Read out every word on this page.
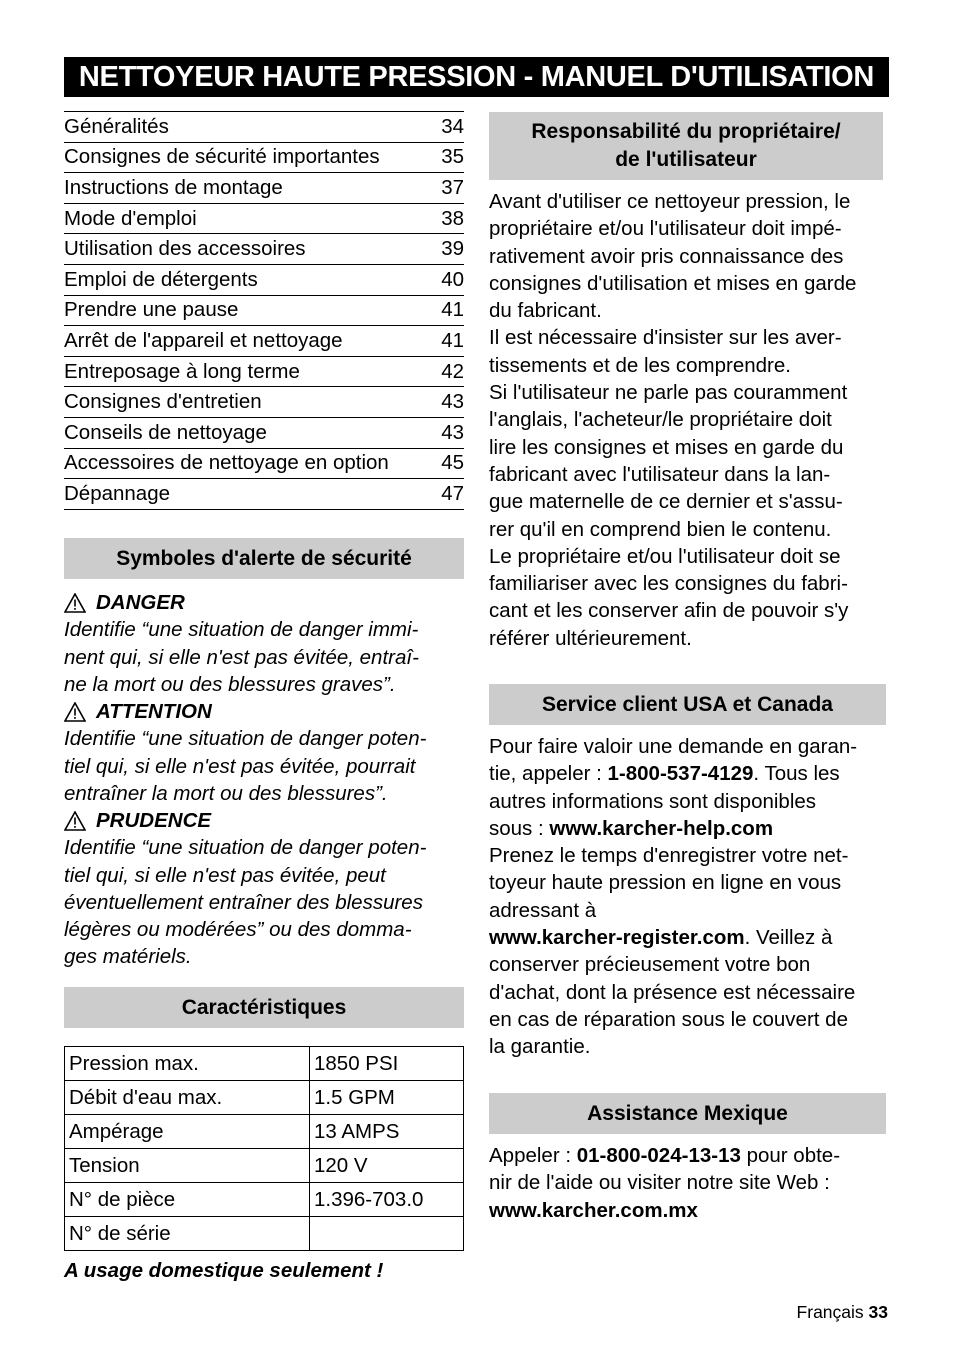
NETTOYEUR HAUTE PRESSION - MANUEL D'UTILISATION
Généralités	34
Consignes de sécurité importantes	35
Instructions de montage	37
Mode d'emploi	38
Utilisation des accessoires	39
Emploi de détergents	40
Prendre une pause	41
Arrêt de l'appareil et nettoyage	41
Entreposage à long terme	42
Consignes d'entretien	43
Conseils de nettoyage	43
Accessoires de nettoyage en option	45
Dépannage	47
Symboles d'alerte de sécurité
DANGER
Identifie “une situation de danger immi-
nent qui, si elle n'est pas évitée, entraî-
ne la mort ou des blessures graves”.
ATTENTION
Identifie “une situation de danger poten-
tiel qui, si elle n'est pas évitée, pourrait
entraîner la mort ou des blessures”.
PRUDENCE
Identifie “une situation de danger poten-
tiel qui, si elle n'est pas évitée, peut
éventuellement entraîner des blessures
légères ou modérées” ou des domma-
ges matériels.
Caractéristiques
Pression max.	1850 PSI
Débit d'eau max.	1.5 GPM
Ampérage	13 AMPS
Tension	120 V
N° de pièce	1.396-703.0
N° de série	
A usage domestique seulement !
Responsabilité du propriétaire/
de l'utilisateur

Avant d'utiliser ce nettoyeur pression, le

propriétaire et/ou l'utilisateur doit impé-

rativement avoir pris connaissance des

consignes d'utilisation et mises en garde

du fabricant.

Il est nécessaire d'insister sur les aver-

tissements et de les comprendre.

Si l'utilisateur ne parle pas couramment

l'anglais, l'acheteur/le propriétaire doit

lire les consignes et mises en garde du

fabricant avec l'utilisateur dans la lan-

gue maternelle de ce dernier et s'assu-

rer qu'il en comprend bien le contenu.

Le propriétaire et/ou l'utilisateur doit se

familiariser avec les consignes du fabri-

cant et les conserver afin de pouvoir s'y

référer ultérieurement.

Service client USA et Canada

Pour faire valoir une demande en garan-

tie, appeler : 1-800-537-4129. Tous les

autres informations sont disponibles

sous : www.karcher-help.com

Prenez le temps d'enregistrer votre net-

toyeur haute pression en ligne en vous

adressant à

www.karcher-register.com. Veillez à

conserver précieusement votre bon

d'achat, dont la présence est nécessaire

en cas de réparation sous le couvert de

la garantie.

Assistance Mexique

Appeler : 01-800-024-13-13 pour obte-

nir de l'aide ou visiter notre site Web :

www.karcher.com.mx

Français 33
